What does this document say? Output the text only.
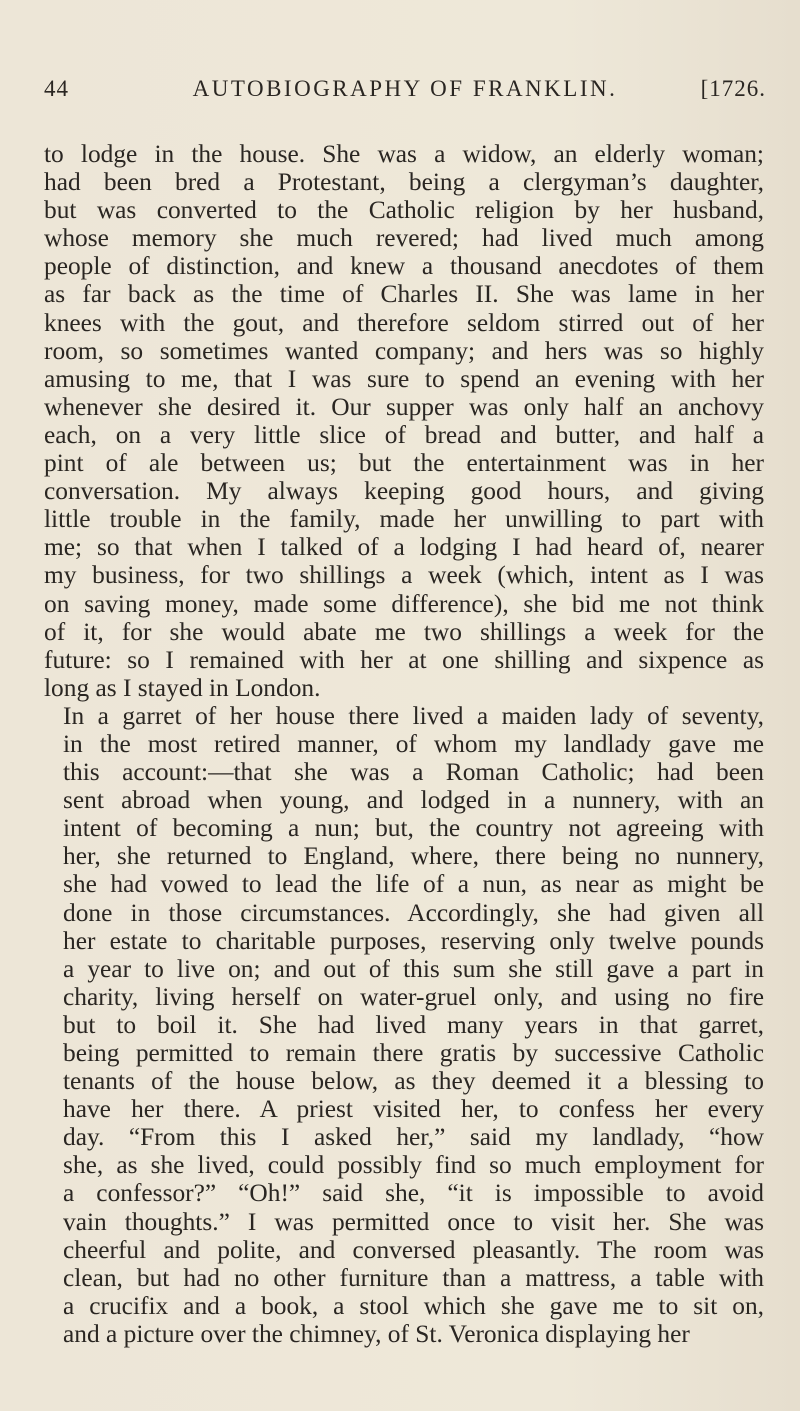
44	AUTOBIOGRAPHY OF FRANKLIN.	[1726.

to lodge in the house. She was a widow, an elderly woman;
had been bred a Protestant, being a clergyman’s daughter,
but was converted to the Catholic religion by her husband,
whose memory she much revered; had lived much among
people of distinction, and knew a thousand anecdotes of them
as far back as the time of Charles II. She was lame in her
knees with the gout, and therefore seldom stirred out of her
room, so sometimes wanted company; and hers was so highly
amusing to me, that I was sure to spend an evening with her
whenever she desired it. Our supper was only half an anchovy
each, on a very little slice of bread and butter, and half a
pint of ale between us; but the entertainment was in her
conversation. My always keeping good hours, and giving
little trouble in the family, made her unwilling to part with
me; so that when I talked of a lodging I had heard of, nearer
my business, for two shillings a week (which, intent as I was
on saving money, made some difference), she bid me not think
of it, for she would abate me two shillings a week for the
future: so I remained with her at one shilling and sixpence as
long as I stayed in London.

In a garret of her house there lived a maiden lady of seventy,
in the most retired manner, of whom my landlady gave me
this account:—that she was a Roman Catholic; had been
sent abroad when young, and lodged in a nunnery, with an
intent of becoming a nun; but, the country not agreeing with
her, she returned to England, where, there being no nunnery,
she had vowed to lead the life of a nun, as near as might be
done in those circumstances. Accordingly, she had given all
her estate to charitable purposes, reserving only twelve pounds
a year to live on; and out of this sum she still gave a part in
charity, living herself on water-gruel only, and using no fire
but to boil it. She had lived many years in that garret,
being permitted to remain there gratis by successive Catholic
tenants of the house below, as they deemed it a blessing to
have her there. A priest visited her, to confess her every
day. “From this I asked her,” said my landlady, “how
she, as she lived, could possibly find so much employment for
a confessor?” “Oh!” said she, “it is impossible to avoid
vain thoughts.” I was permitted once to visit her. She was
cheerful and polite, and conversed pleasantly. The room was
clean, but had no other furniture than a mattress, a table with
a crucifix and a book, a stool which she gave me to sit on,
and a picture over the chimney, of St. Veronica displaying her
